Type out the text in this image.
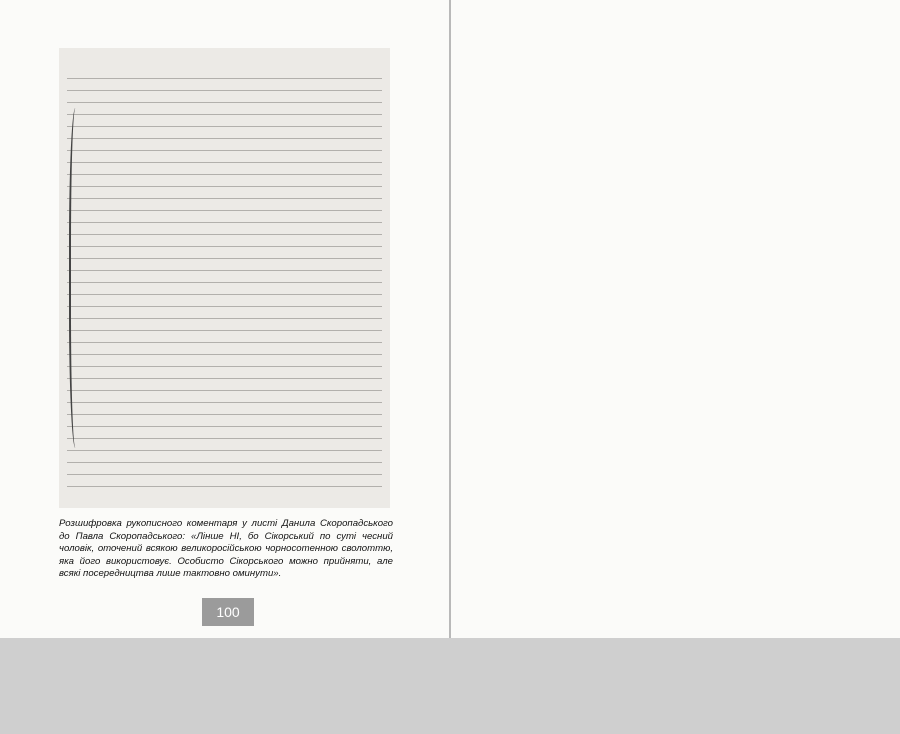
Розшифровка рукописного коментаря у листі Данила Скоропадського до Павла Скоропадського: «Лінше НІ, бо Сікорський по суті чесний чоловік, оточений всякою великоросійською чорносотенною сволоттю, яка його використовує. Особисто Сікорського можно прийняти, але всякі посередництва лише тактовно оминути».

100
